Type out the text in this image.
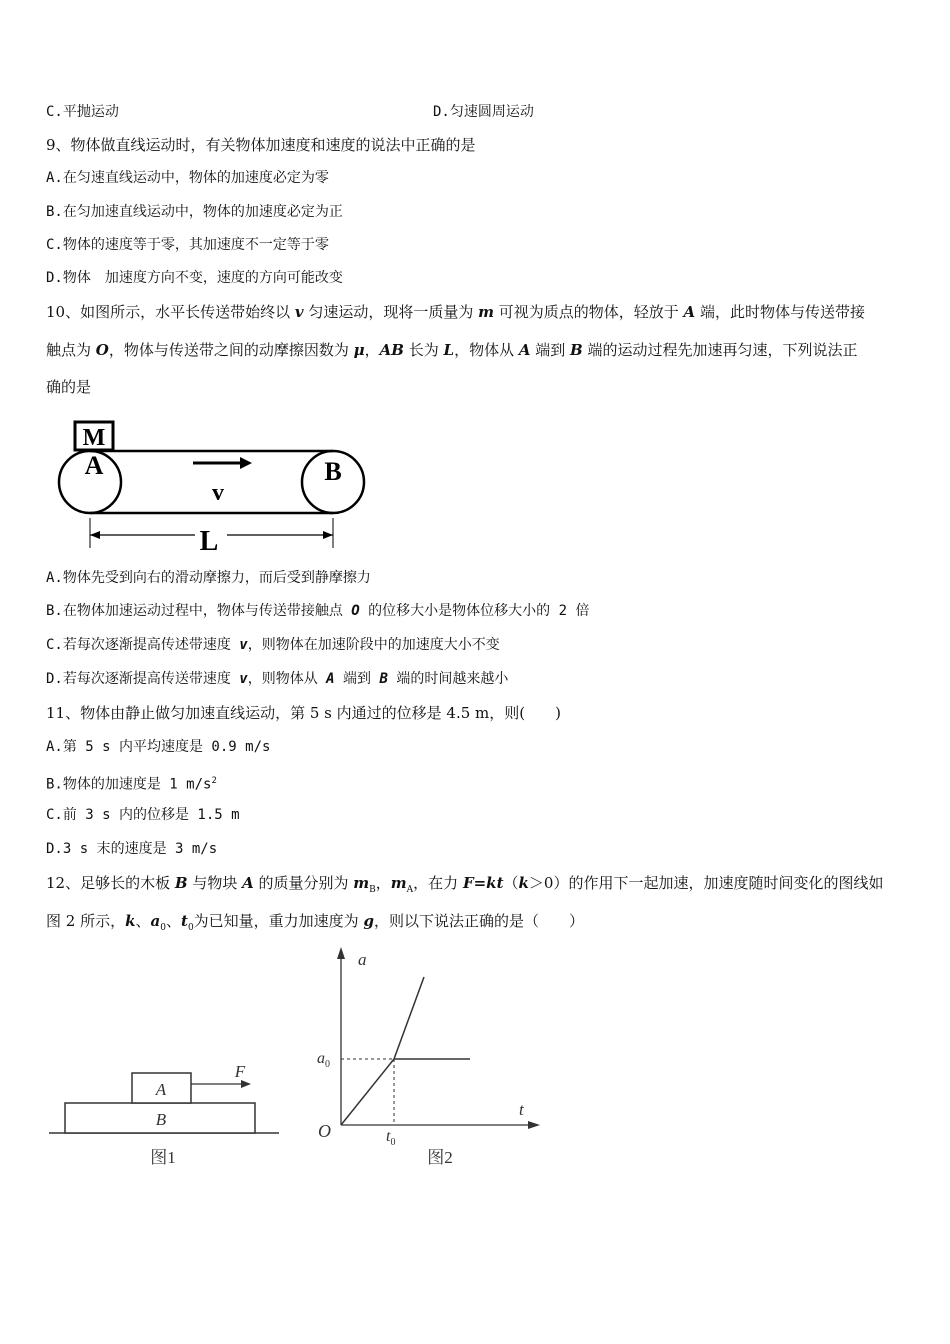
C.平抛运动	D.匀速圆周运动
9、物体做直线运动时，有关物体加速度和速度的说法中正确的是
A.在匀速直线运动中，物体的加速度必定为零
B.在匀加速直线运动中，物体的加速度必定为正
C.物体的速度等于零，其加速度不一定等于零
D.物体　加速度方向不变，速度的方向可能改变
10、如图所示，水平长传送带始终以 v 匀速运动，现将一质量为 m 可视为质点的物体，轻放于 A 端，此时物体与传送带接
触点为 O，物体与传送带之间的动摩擦因数为 μ，AB 长为 L，物体从 A 端到 B 端的运动过程先加速再匀速，下列说法正
确的是
M
A	B
v
L
A.物体先受到向右的滑动摩擦力，而后受到静摩擦力
B.在物体加速运动过程中，物体与传送带接触点 O 的位移大小是物体位移大小的 2 倍
C.若每次逐渐提高传述带速度 v，则物体在加速阶段中的加速度大小不变
D.若每次逐渐提高传送带速度 v，则物体从 A 端到 B 端的时间越来越小
11、物体由静止做匀加速直线运动，第 5 s 内通过的位移是 4.5 m，则(　　)
A.第 5 s 内平均速度是 0.9 m/s
B.物体的加速度是 1 $m/s^2$
C.前 3 s 内的位移是 1.5 m
D.3 s 末的速度是 3 m/s
12、足够长的木板 B 与物块 A 的质量分别为 $m_B$，$m_A$，在力 F=kt（k＞0）的作用下一起加速，加速度随时间变化的图线如
图 2 所示，k、$a_0$、$t_0$为已知量，重力加速度为 g，则以下说法正确的是（　　）
A
B
F
图1
a
t
O
$a_0$
$t_0$
图2
